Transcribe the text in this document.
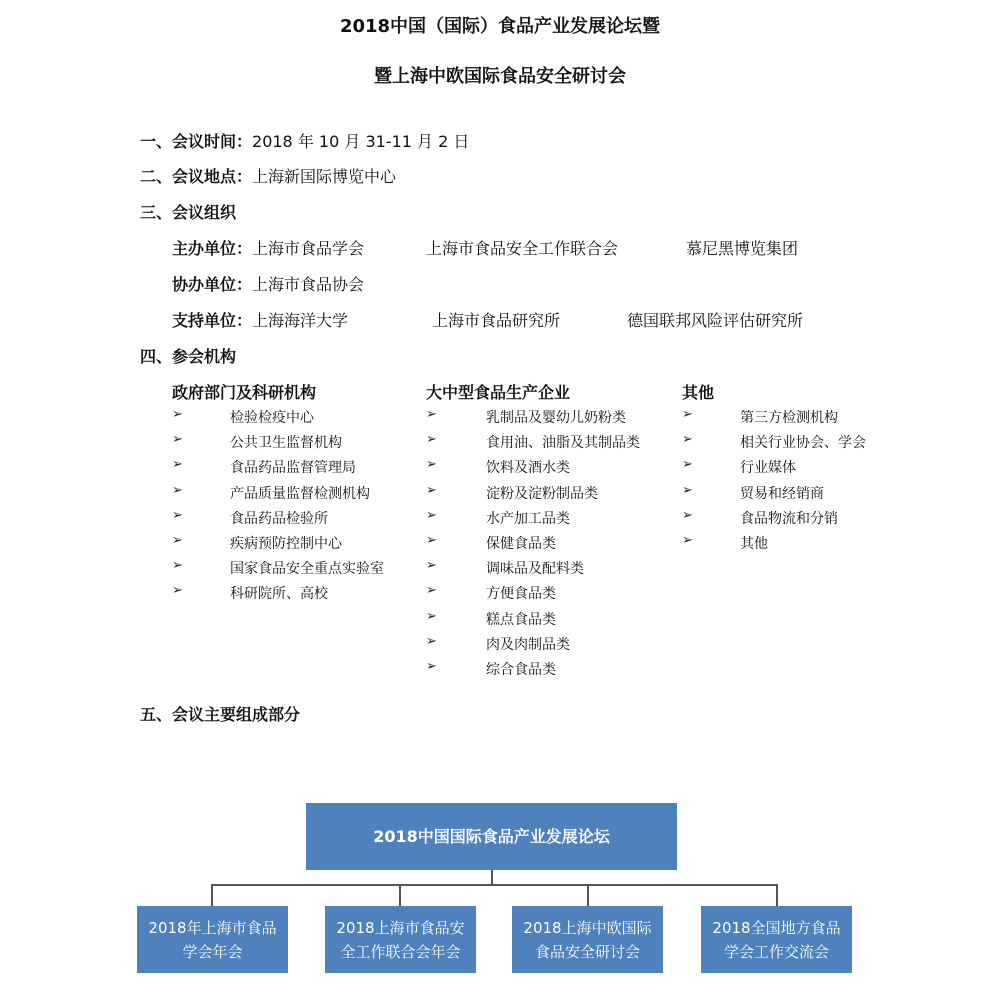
2018中国（国际）食品产业发展论坛暨
暨上海中欧国际食品安全研讨会
一、会议时间：2018 年 10 月 31-11 月 2 日
二、会议地点：上海新国际博览中心
三、会议组织
主办单位：上海市食品学会	上海市食品安全工作联合会	慕尼黑博览集团
协办单位：上海市食品协会
支持单位：上海海洋大学	上海市食品研究所	德国联邦风险评估研究所
四、参会机构
政府部门及科研机构	大中型食品生产企业	其他
➢	检验检疫中心
➢	公共卫生监督机构
➢	食品药品监督管理局
➢	产品质量监督检测机构
➢	食品药品检验所
➢	疾病预防控制中心
➢	国家食品安全重点实验室
➢	科研院所、高校
➢	乳制品及婴幼儿奶粉类
➢	食用油、油脂及其制品类
➢	饮料及酒水类
➢	淀粉及淀粉制品类
➢	水产加工品类
➢	保健食品类
➢	调味品及配料类
➢	方便食品类
➢	糕点食品类
➢	肉及肉制品类
➢	综合食品类
➢	第三方检测机构
➢	相关行业协会、学会
➢	行业媒体
➢	贸易和经销商
➢	食品物流和分销
➢	其他
五、会议主要组成部分
2018中国国际食品产业发展论坛
2018年上海市食品
学会年会
2018上海市食品安
全工作联合会年会
2018上海中欧国际
食品安全研讨会
2018全国地方食品
学会工作交流会
